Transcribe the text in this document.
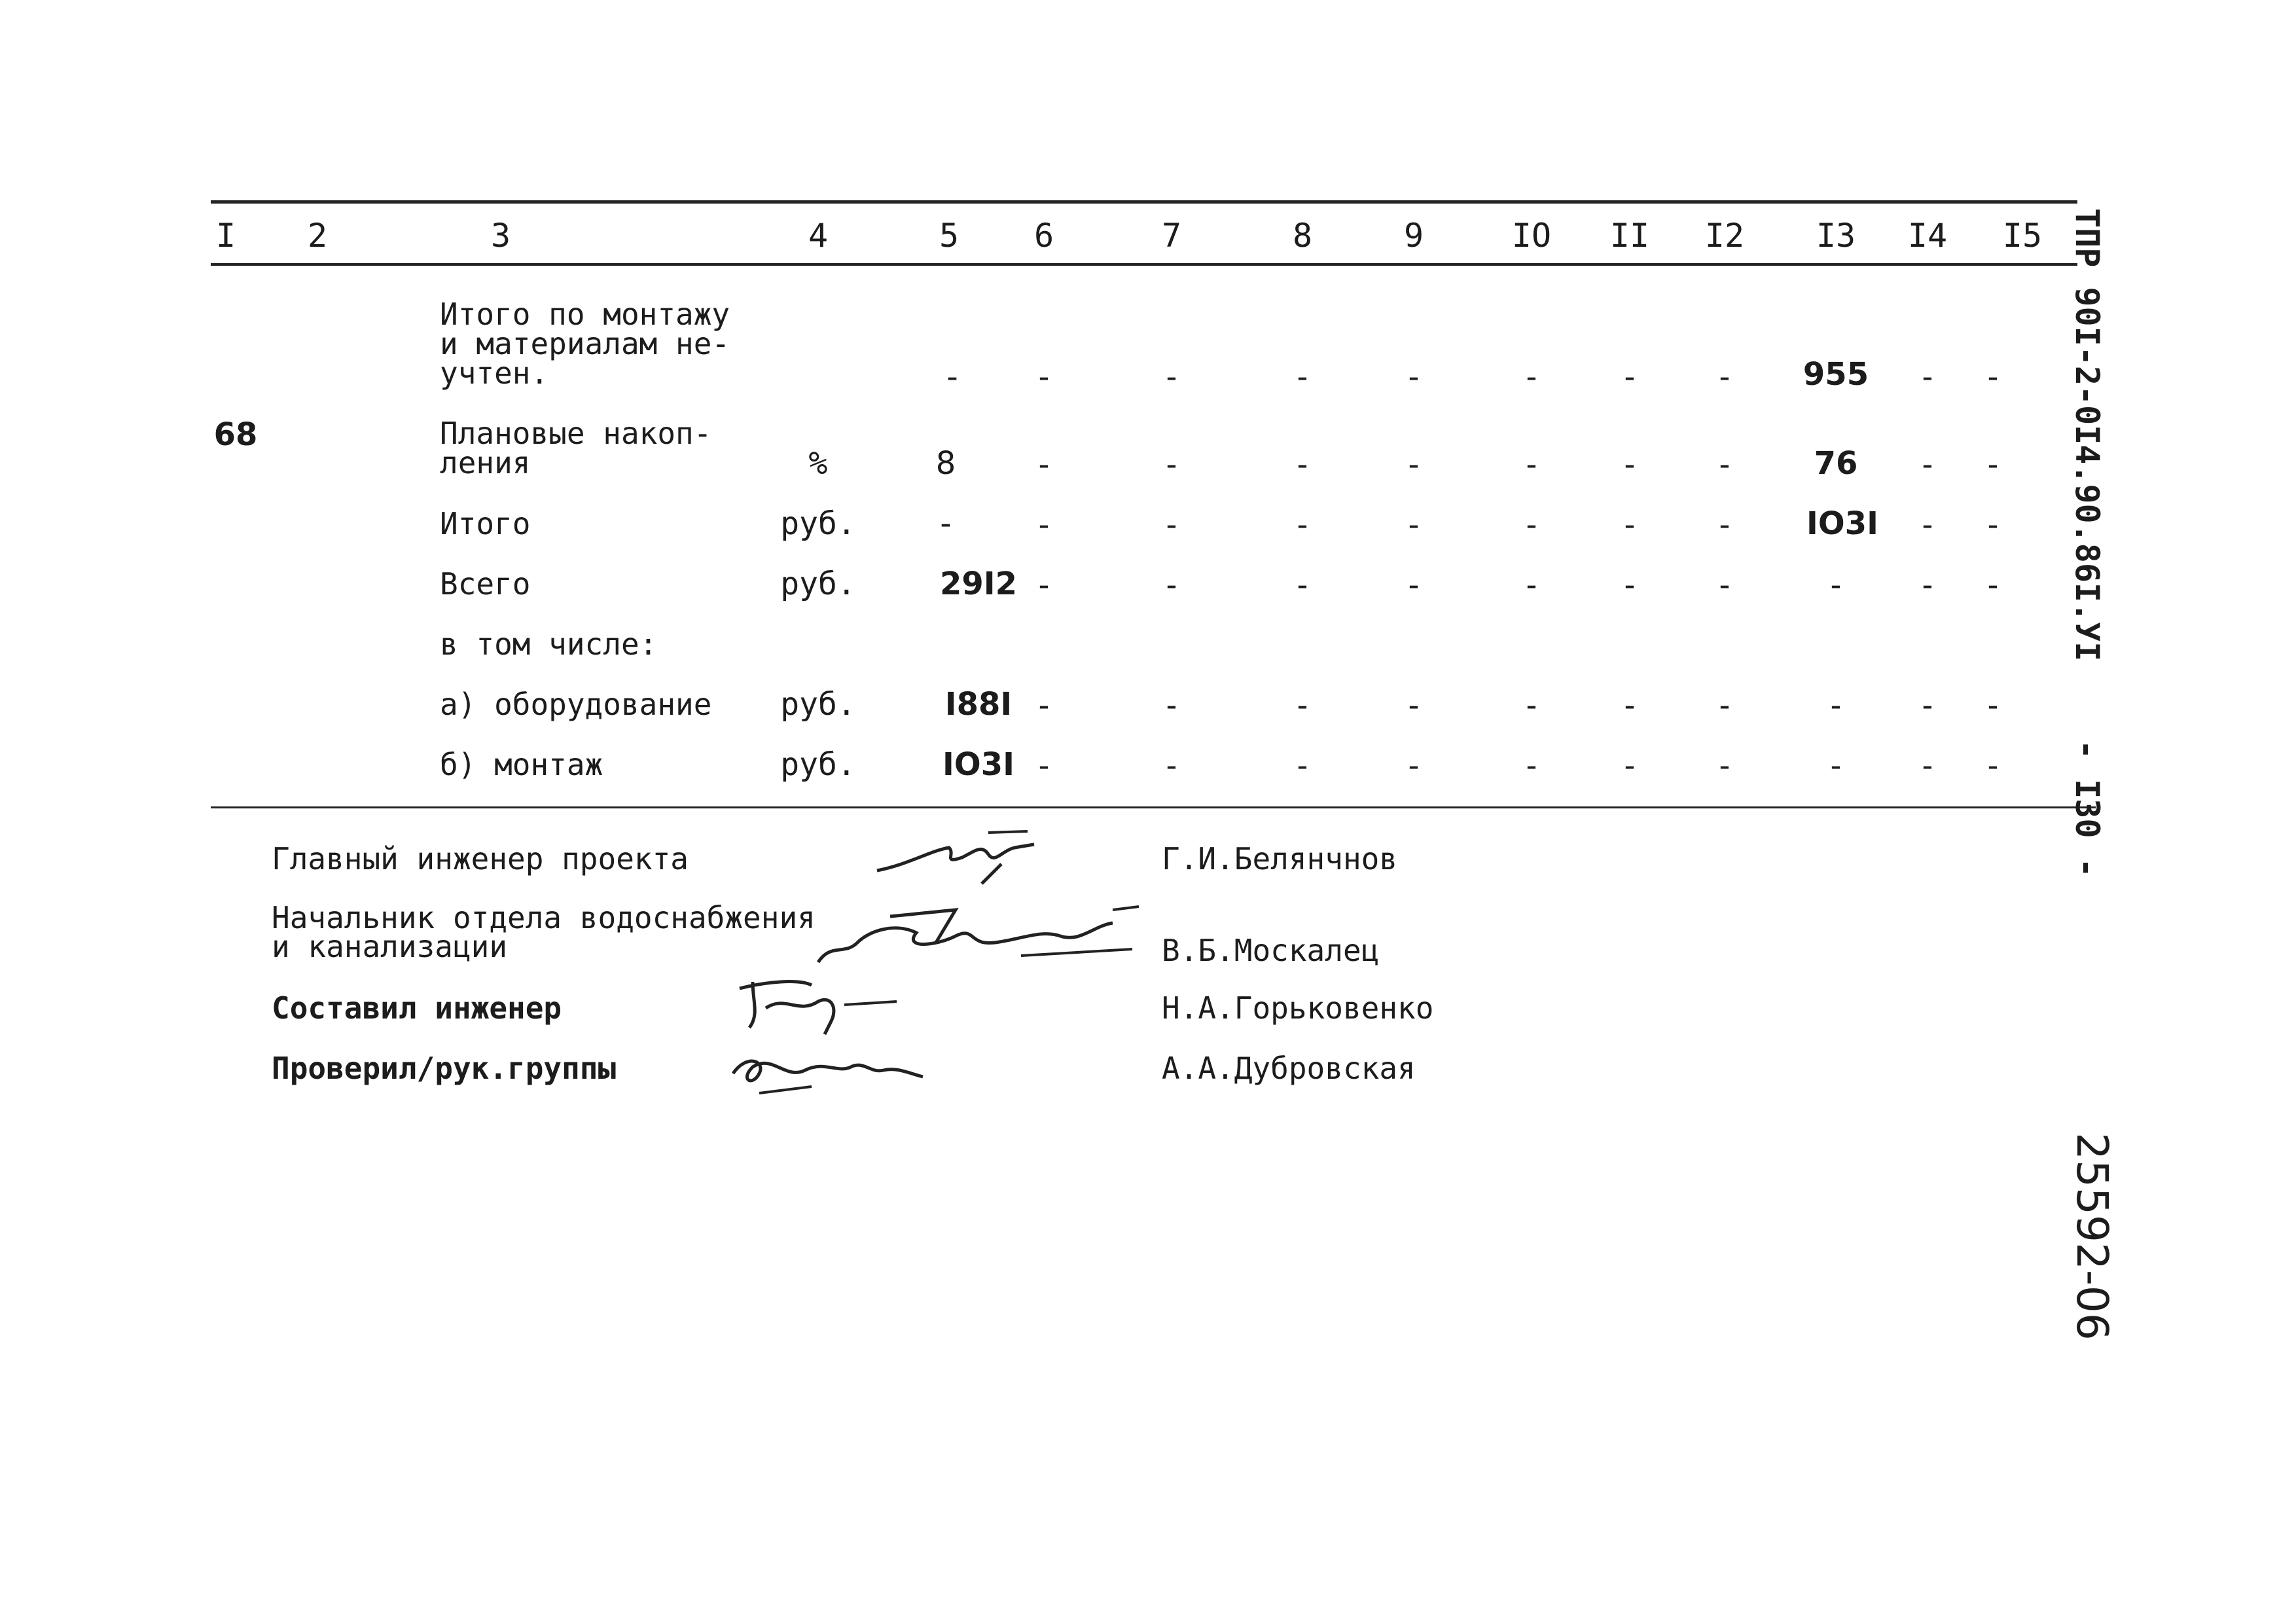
I	2	3	4	5	6	7	8	9	IO	II	I2	I3	I4	I5
Итого по монтажу
и материалам не-
учтен.	-	-	-	-	-	-	-	-	955	-	-
68	Плановые накоп-
ления	%	8	-	-	-	-	-	-	-	76	-	-
Итого	руб.	-	-	-	-	-	-	-	-	IO3I	-	-
Всего	руб.	29I2 -	-	-	-	-	-	-	-	-	-
в том числе:
а) оборудование	руб.	I88I -	-	-	-	-	-	-	-	-	-
б) монтаж	руб.	IO3I -	-	-	-	-	-	-	-	-	-
Главный инженер проекта	Г.И.Белянчнов
Начальник отдела водоснабжения
и канализации	В.Б.Москалец
Составил инженер	Н.А.Горьковенко
Проверил/рук.группы	А.А.Дубровская
ТПР 90I-2-0I4.90.86I.УI
- I30 -
25592-06
